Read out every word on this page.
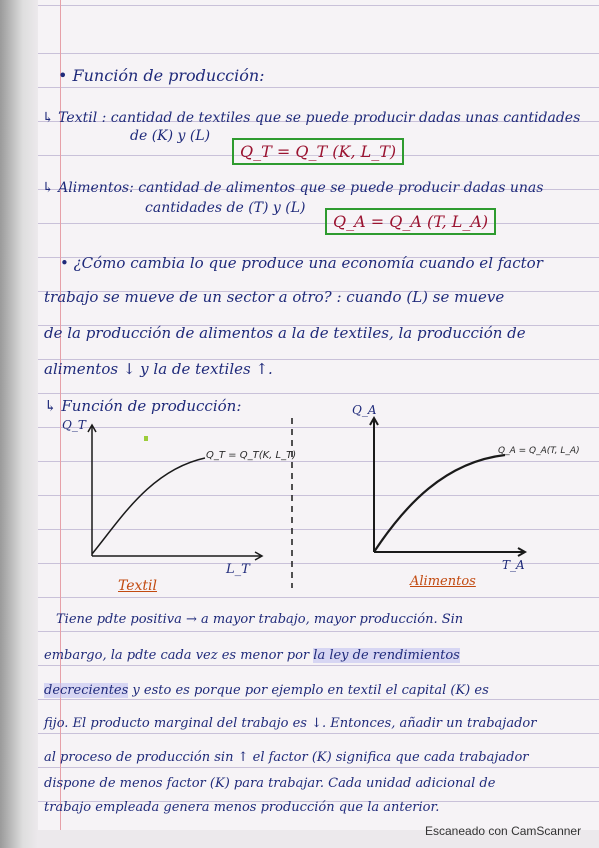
• Función de producción:
↳ Textil : cantidad de textiles que se puede producir dadas unas cantidades
de (K) y (L)
Q_T = Q_T (K, L_T)
↳ Alimentos: cantidad de alimentos que se puede producir dadas unas
cantidades de (T) y (L)
Q_A = Q_A (T, L_A)
• ¿Cómo cambia lo que produce una economía cuando el factor
trabajo se mueve de un sector a otro? : cuando (L) se mueve
de la producción de alimentos a la de textiles, la producción de
alimentos ↓ y la de textiles ↑.
↳ Función de producción:
Q_T
L_T
Q_T = Q_T(K, L_T)
Textil
Q_A
T_A
Q_A = Q_A(T, L_A)
Alimentos
Tiene pdte positiva → a mayor trabajo, mayor producción. Sin
embargo, la pdte cada vez es menor por la ley de rendimientos
decrecientes y esto es porque por ejemplo en textil el capital (K) es
fijo. El producto marginal del trabajo es ↓. Entonces, añadir un trabajador
al proceso de producción sin ↑ el factor (K) significa que cada trabajador
dispone de menos factor (K) para trabajar. Cada unidad adicional de
trabajo empleada genera menos producción que la anterior.
Escaneado con CamScanner
